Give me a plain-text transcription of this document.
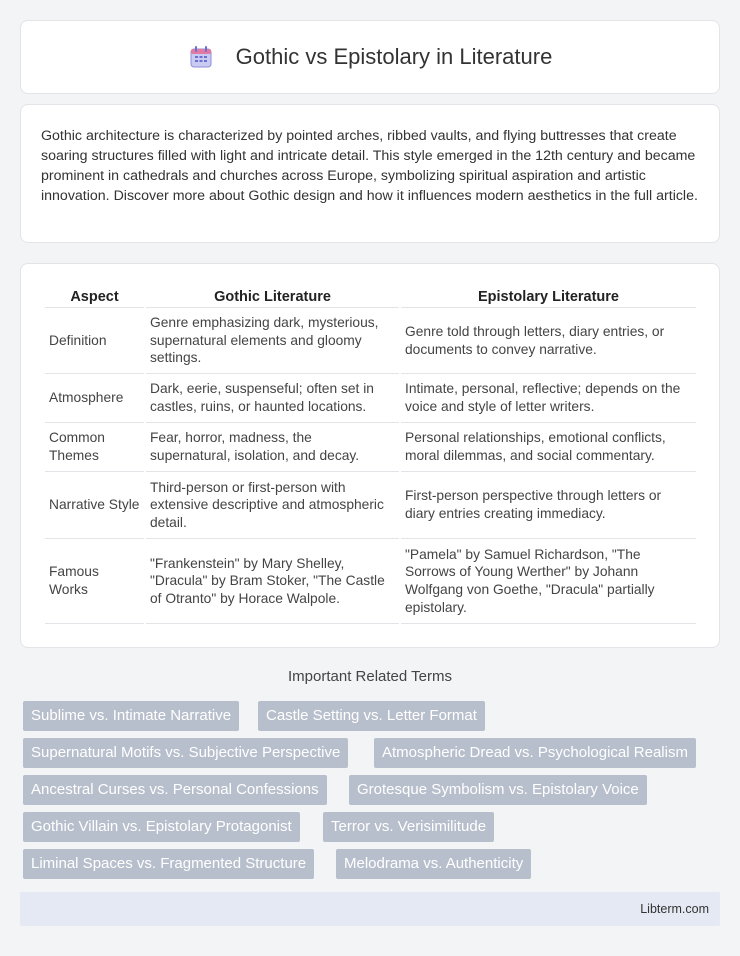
Gothic vs Epistolary in Literature

Gothic architecture is characterized by pointed arches, ribbed vaults, and flying buttresses that create soaring structures filled with light and intricate detail. This style emerged in the 12th century and became prominent in cathedrals and churches across Europe, symbolizing spiritual aspiration and artistic innovation. Discover more about Gothic design and how it influences modern aesthetics in the full article.

Aspect	Gothic Literature	Epistolary Literature
Definition	Genre emphasizing dark, mysterious, supernatural elements and gloomy settings.	Genre told through letters, diary entries, or documents to convey narrative.
Atmosphere	Dark, eerie, suspenseful; often set in castles, ruins, or haunted locations.	Intimate, personal, reflective; depends on the voice and style of letter writers.
Common Themes	Fear, horror, madness, the supernatural, isolation, and decay.	Personal relationships, emotional conflicts, moral dilemmas, and social commentary.
Narrative Style	Third-person or first-person with extensive descriptive and atmospheric detail.	First-person perspective through letters or diary entries creating immediacy.
Famous Works	"Frankenstein" by Mary Shelley, "Dracula" by Bram Stoker, "The Castle of Otranto" by Horace Walpole.	"Pamela" by Samuel Richardson, "The Sorrows of Young Werther" by Johann Wolfgang von Goethe, "Dracula" partially epistolary.
Important Related Terms
Sublime vs. Intimate Narrative	Castle Setting vs. Letter Format
Supernatural Motifs vs. Subjective Perspective	Atmospheric Dread vs. Psychological Realism
Ancestral Curses vs. Personal Confessions	Grotesque Symbolism vs. Epistolary Voice
Gothic Villain vs. Epistolary Protagonist	Terror vs. Verisimilitude
Liminal Spaces vs. Fragmented Structure	Melodrama vs. Authenticity
Libterm.com
